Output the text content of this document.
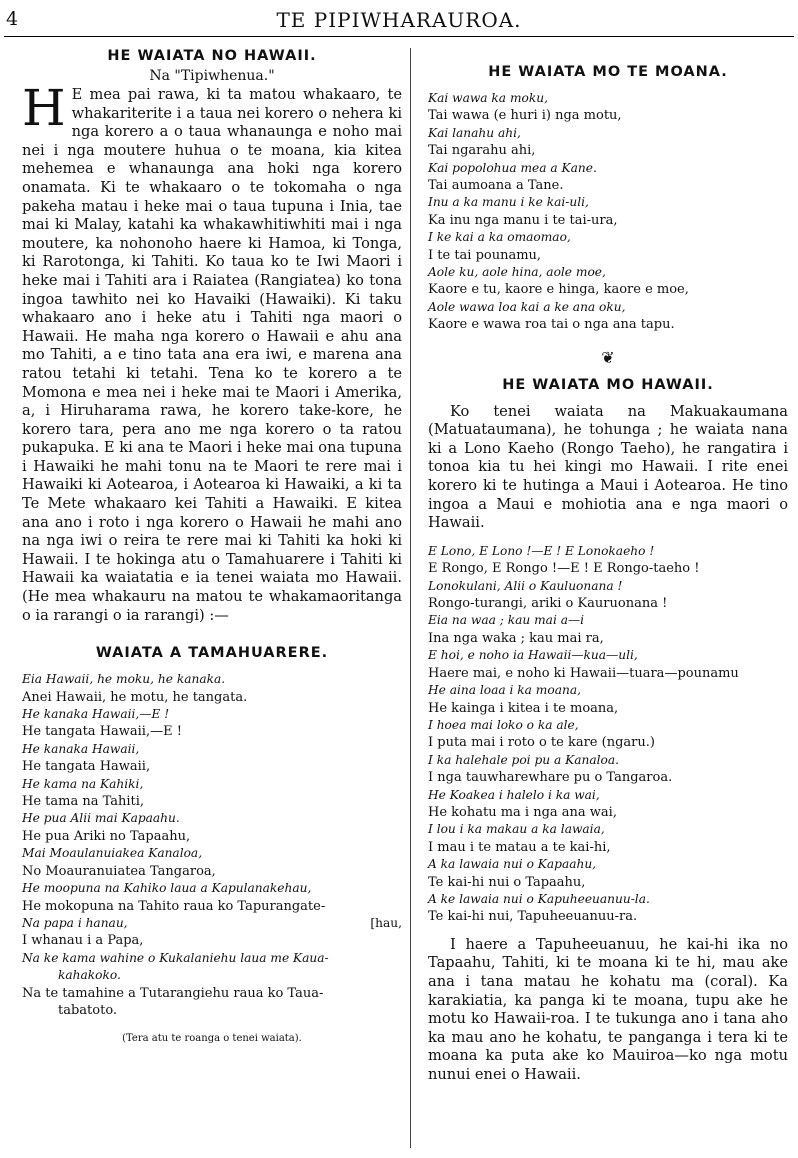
4	TE PIPIWHARAUROA.
HE WAIATA NO HAWAII.
Na "Tipiwhenua."

H E mea pai rawa, ki ta matou whakaaro, te whakariterite i a taua nei korero o nehera ki nga korero a o taua whanaunga e noho mai nei i nga moutere huhua o te moana, kia kitea mehemea e whanaunga ana hoki nga korero onamata. Ki te whakaaro o te tokomaha o nga pakeha matau i heke mai o taua tupuna i Inia, tae mai ki Malay, katahi ka whakawhitiwhiti mai i nga moutere, ka nohonoho haere ki Hamoa, ki Tonga, ki Rarotonga, ki Tahiti. Ko taua ko te Iwi Maori i heke mai i Tahiti ara i Raiatea (Rangiatea) ko tona ingoa tawhito nei ko Havaiki (Hawaiki). Ki taku whakaaro ano i heke atu i Tahiti nga maori o Hawaii. He maha nga korero o Hawaii e ahu ana mo Tahiti, a e tino tata ana era iwi, e marena ana ratou tetahi ki tetahi. Tena ko te korero a te Momona e mea nei i heke mai te Maori i Amerika, a, i Hiruharama rawa, he korero take-kore, he korero tara, pera ano me nga korero o ta ratou pukapuka. E ki ana te Maori i heke mai ona tupuna i Hawaiki he mahi tonu na te Maori te rere mai i Hawaiki ki Aotearoa, i Aotearoa ki Hawaiki, a ki ta Te Mete whakaaro kei Tahiti a Hawaiki. E kitea ana ano i roto i nga korero o Hawaii he mahi ano na nga iwi o reira te rere mai ki Tahiti ka hoki ki Hawaii. I te hokinga atu o Tamahuarere i Tahiti ki Hawaii ka waiatatia e ia tenei waiata mo Hawaii. (He mea whakauru na matou te whakamaoritanga o ia rarangi o ia rarangi) :—

WAIATA A TAMAHUARERE.
Eia Hawaii, he moku, he kanaka.
Anei Hawaii, he motu, he tangata.
He kanaka Hawaii,—E !
He tangata Hawaii,—E !
He kanaka Hawaii,
He tangata Hawaii,
He kama na Kahiki,
He tama na Tahiti,
He pua Alii mai Kapaahu.
He pua Ariki no Tapaahu,
Mai Moaulanuiakea Kanaloa,
No Moauranuiatea Tangaroa,
He moopuna na Kahiko laua a Kapulanakehau,
He mokopuna na Tahito raua ko Tapurangate-
Na papa i hanau,	[hau,
I whanau i a Papa,
Na ke kama wahine o Kukalaniehu laua me Kaua-
kahakoko.
Na te tamahine a Tutarangiehu raua ko Taua-
tabatoto.
(Tera atu te roanga o tenei waiata).
HE WAIATA MO TE MOANA.
Kai wawa ka moku,
Tai wawa (e huri i) nga motu,
Kai lanahu ahi,
Tai ngarahu ahi,
Kai popolohua mea a Kane.
Tai aumoana a Tane.
Inu a ka manu i ke kai-uli,
Ka inu nga manu i te tai-ura,
I ke kai a ka omaomao,
I te tai pounamu,
Aole ku, aole hina, aole moe,
Kaore e tu, kaore e hinga, kaore e moe,
Aole wawa loa kai a ke ana oku,
Kaore e wawa roa tai o nga ana tapu.
❦
HE WAIATA MO HAWAII.

Ko tenei waiata na Makuakaumana (Matuataumana), he tohunga ; he waiata nana ki a Lono Kaeho (Rongo Taeho), he rangatira i tonoa kia tu hei kingi mo Hawaii. I rite enei korero ki te hutinga a Maui i Aotearoa. He tino ingoa a Maui e mohiotia ana e nga maori o Hawaii.

E Lono, E Lono !—E ! E Lonokaeho !
E Rongo, E Rongo !—E ! E Rongo-taeho !
Lonokulani, Alii o Kauluonana !
Rongo-turangi, ariki o Kauruonana !
Eia na waa ; kau mai a—i
Ina nga waka ; kau mai ra,
E hoi, e noho ia Hawaii—kua—uli,
Haere mai, e noho ki Hawaii—tuara—pounamu
He aina loaa i ka moana,
He kainga i kitea i te moana,
I hoea mai loko o ka ale,
I puta mai i roto o te kare (ngaru.)
I ka halehale poi pu a Kanaloa.
I nga tauwharewhare pu o Tangaroa.
He Koakea i halelo i ka wai,
He kohatu ma i nga ana wai,
I lou i ka makau a ka lawaia,
I mau i te matau a te kai-hi,
A ka lawaia nui o Kapaahu,
Te kai-hi nui o Tapaahu,
A ke lawaia nui o Kapuheeuanuu-la.
Te kai-hi nui, Tapuheeuanuu-ra.

I haere a Tapuheeuanuu, he kai-hi ika no Tapaahu, Tahiti, ki te moana ki te hi, mau ake ana i tana matau he kohatu ma (coral). Ka karakiatia, ka panga ki te moana, tupu ake he motu ko Hawaii-roa. I te tukunga ano i tana aho ka mau ano he kohatu, te panganga i tera ki te moana ka puta ake ko Mauiroa—ko nga motu nunui enei o Hawaii.
